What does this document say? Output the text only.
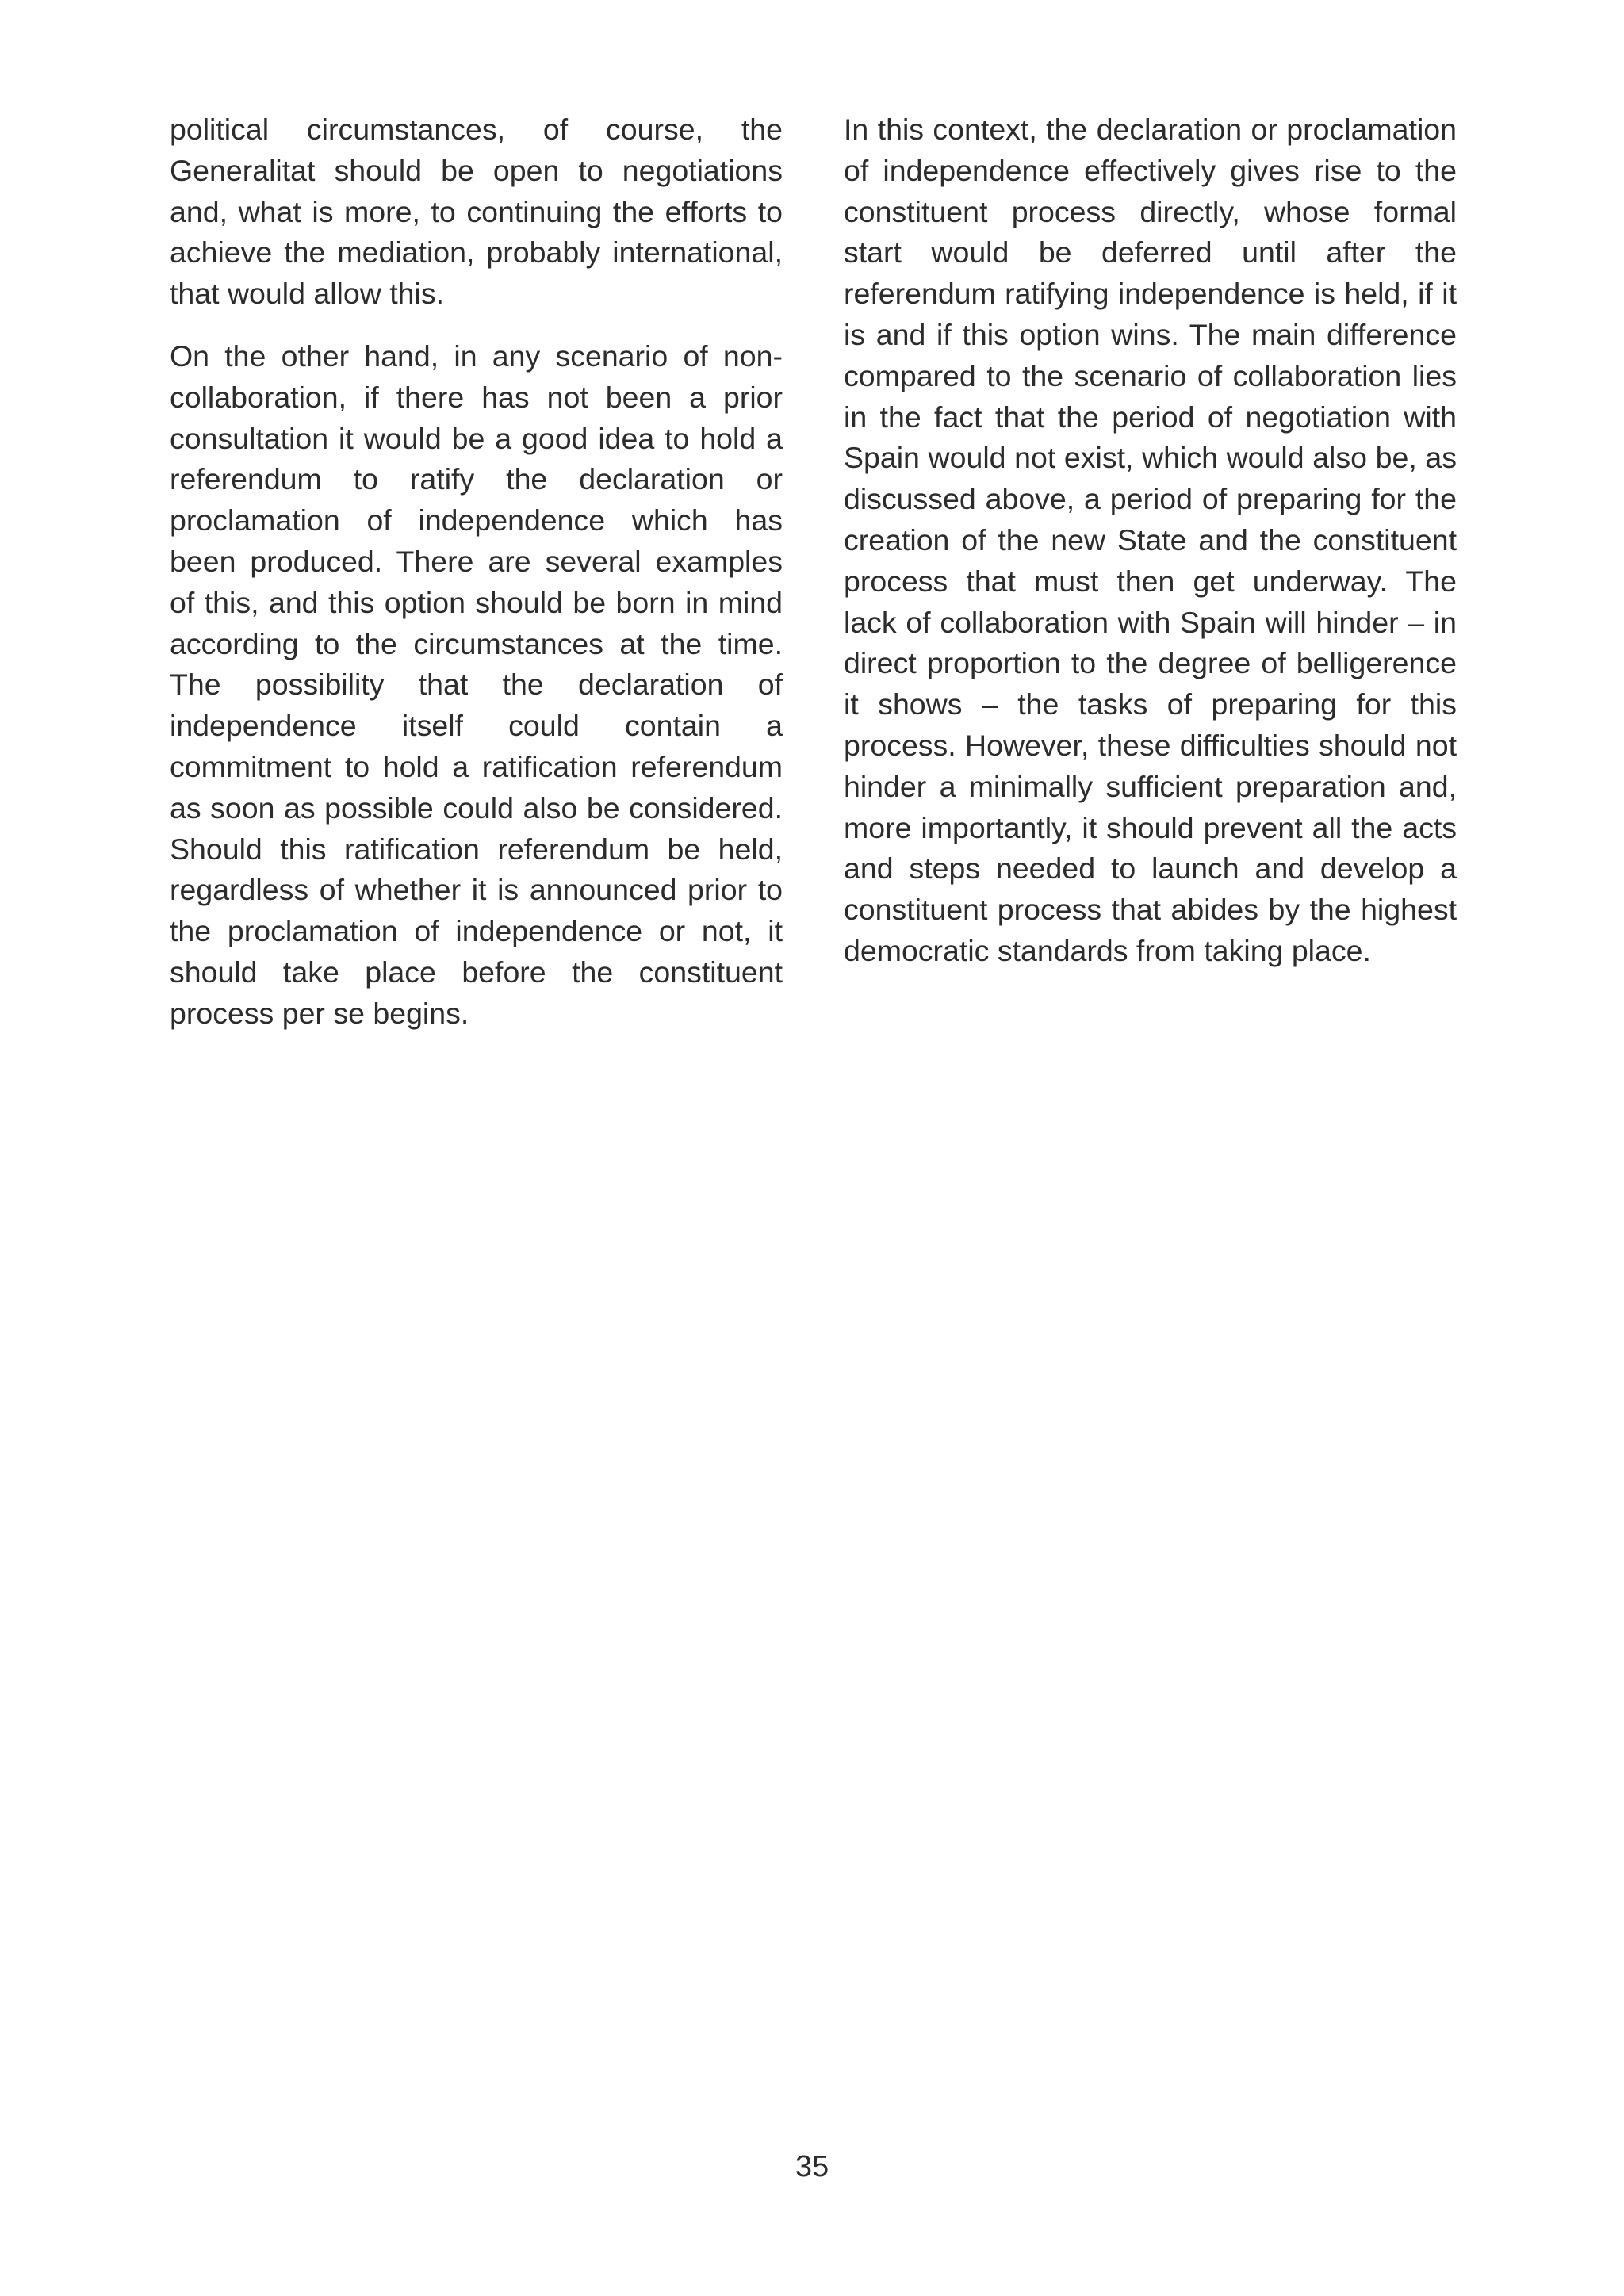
political circumstances, of course, the Generalitat should be open to negotiations and, what is more, to continuing the efforts to achieve the mediation, probably international, that would allow this.

On the other hand, in any scenario of non-collaboration, if there has not been a prior consultation it would be a good idea to hold a referendum to ratify the declaration or proclamation of independence which has been produced. There are several examples of this, and this option should be born in mind according to the circumstances at the time. The possibility that the declaration of independence itself could contain a commitment to hold a ratification referendum as soon as possible could also be considered. Should this ratification referendum be held, regardless of whether it is announced prior to the proclamation of independence or not, it should take place before the constituent process per se begins.

In this context, the declaration or proclamation of independence effectively gives rise to the constituent process directly, whose formal start would be deferred until after the referendum ratifying independence is held, if it is and if this option wins. The main difference compared to the scenario of collaboration lies in the fact that the period of negotiation with Spain would not exist, which would also be, as discussed above, a period of preparing for the creation of the new State and the constituent process that must then get underway. The lack of collaboration with Spain will hinder – in direct proportion to the degree of belligerence it shows – the tasks of preparing for this process. However, these difficulties should not hinder a minimally sufficient preparation and, more importantly, it should prevent all the acts and steps needed to launch and develop a constituent process that abides by the highest democratic standards from taking place.

35
